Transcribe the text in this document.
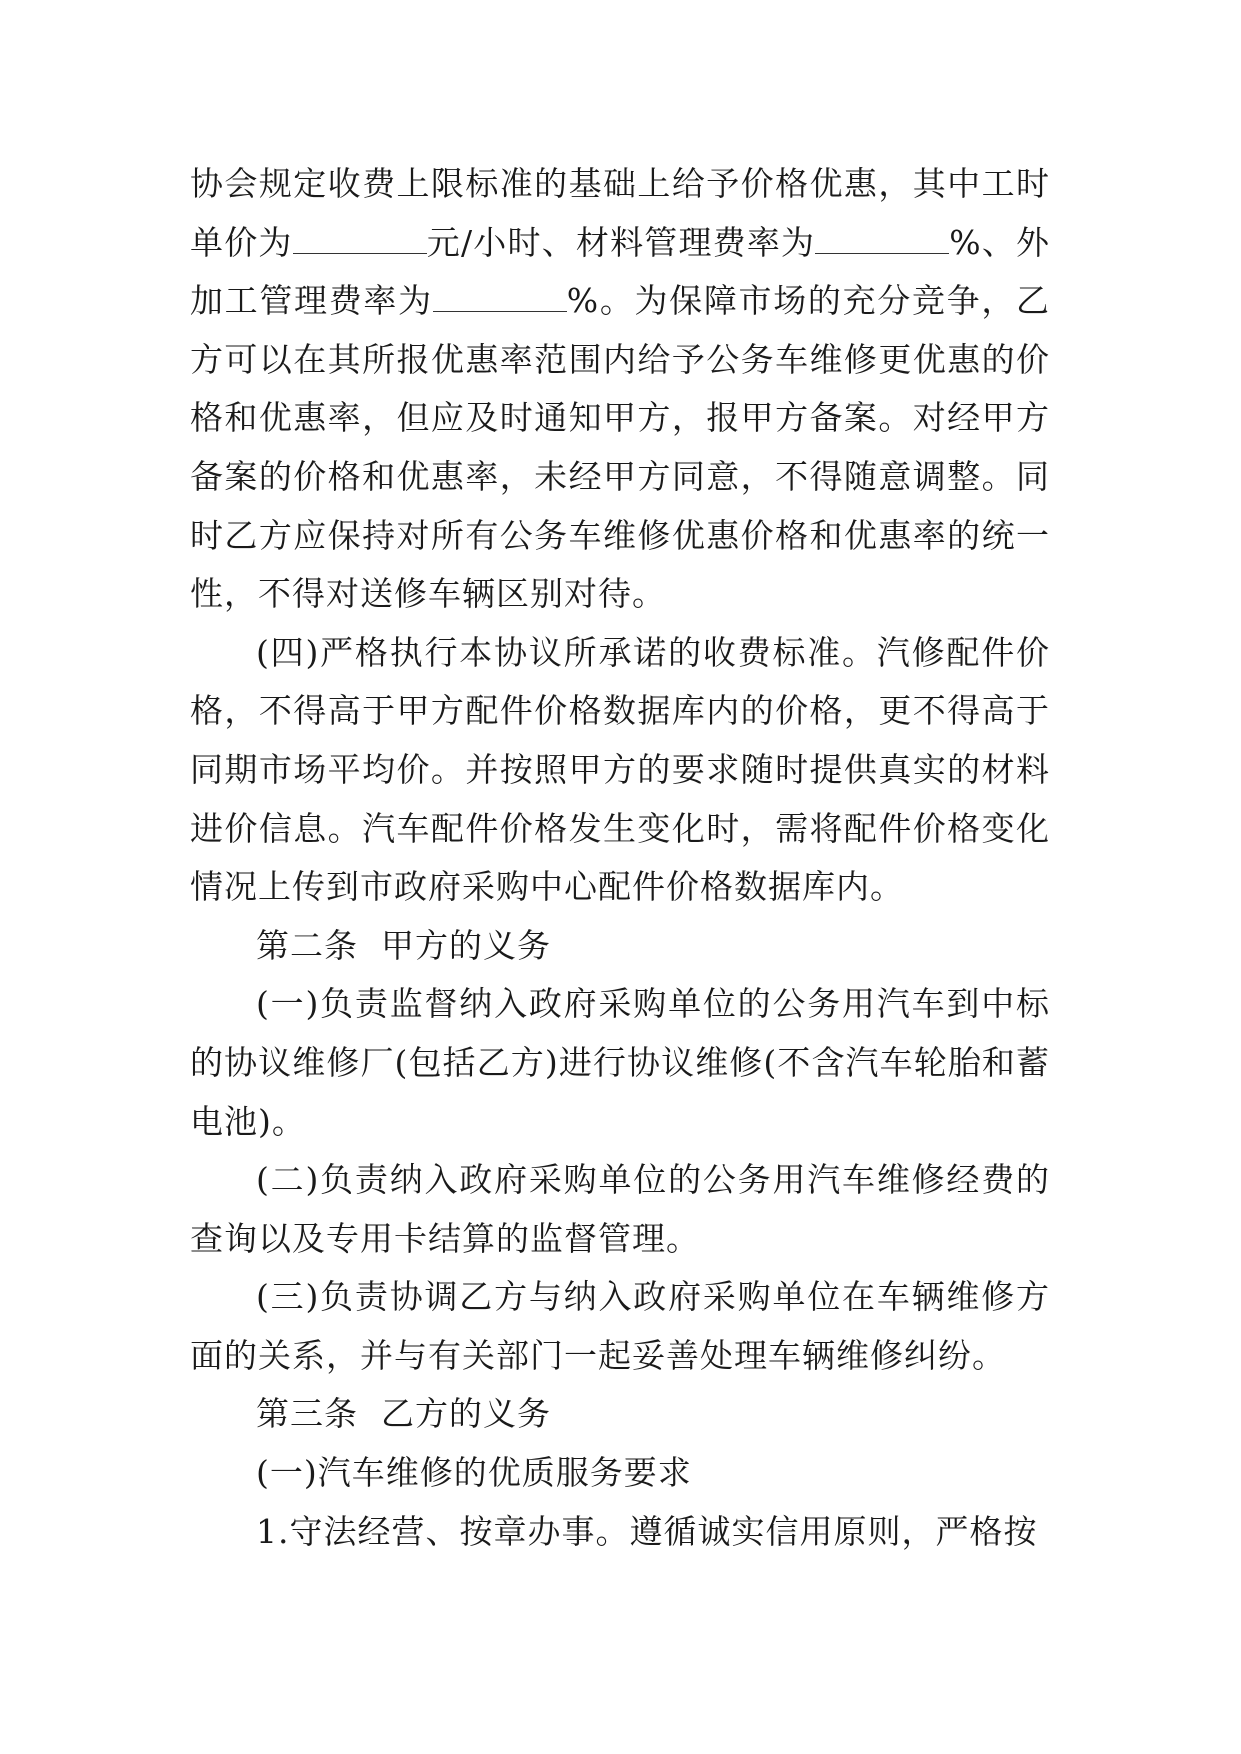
协会规定收费上限标准的基础上给予价格优惠，其中工时单价为	元/小时、材料管理费率为	%、外加工管理费率为	%。为保障市场的充分竞争，乙方可以在其所报优惠率范围内给予公务车维修更优惠的价格和优惠率，但应及时通知甲方，报甲方备案。对经甲方备案的价格和优惠率，未经甲方同意，不得随意调整。同时乙方应保持对所有公务车维修优惠价格和优惠率的统一性，不得对送修车辆区别对待。

(四)严格执行本协议所承诺的收费标准。汽修配件价格，不得高于甲方配件价格数据库内的价格，更不得高于同期市场平均价。并按照甲方的要求随时提供真实的材料进价信息。汽车配件价格发生变化时，需将配件价格变化情况上传到市政府采购中心配件价格数据库内。

第二条  甲方的义务

(一)负责监督纳入政府采购单位的公务用汽车到中标的协议维修厂(包括乙方)进行协议维修(不含汽车轮胎和蓄电池)。

(二)负责纳入政府采购单位的公务用汽车维修经费的查询以及专用卡结算的监督管理。

(三)负责协调乙方与纳入政府采购单位在车辆维修方面的关系，并与有关部门一起妥善处理车辆维修纠纷。

第三条  乙方的义务

(一)汽车维修的优质服务要求

1.守法经营、按章办事。遵循诚实信用原则，严格按
